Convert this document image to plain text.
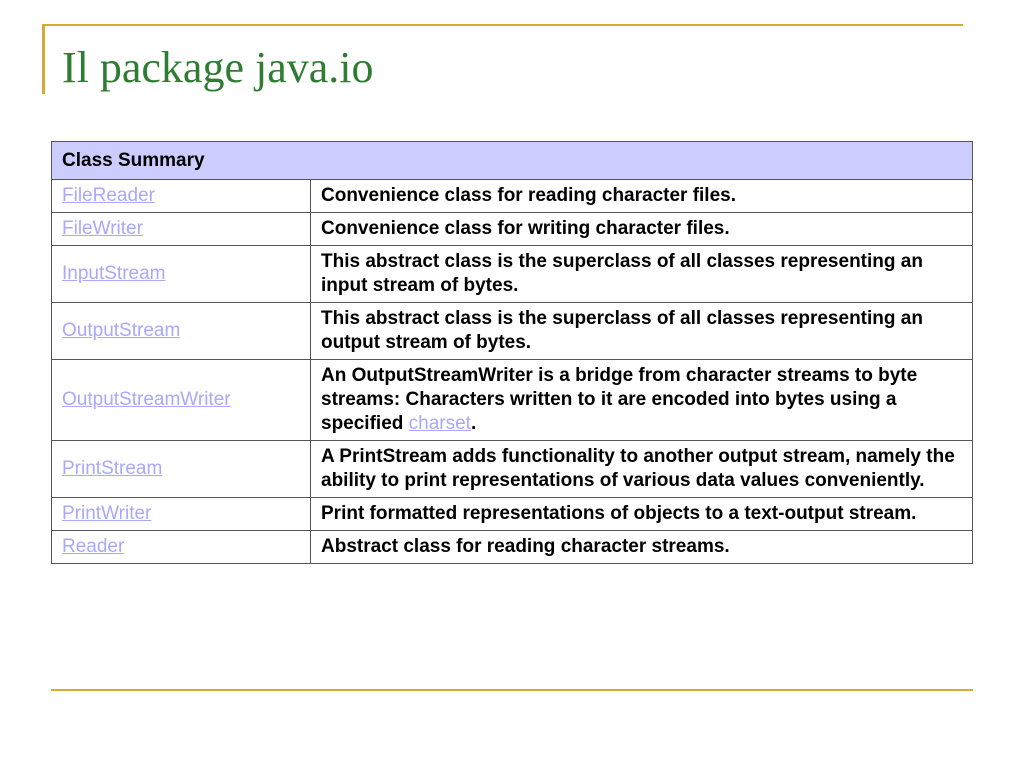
Il package java.io
Class Summary	
FileReader	Convenience class for reading character files.
FileWriter	Convenience class for writing character files.
InputStream	This abstract class is the superclass of all classes representing an input stream of bytes.
OutputStream	This abstract class is the superclass of all classes representing an output stream of bytes.
OutputStreamWriter	An OutputStreamWriter is a bridge from character streams to byte streams: Characters written to it are encoded into bytes using a specified charset.
PrintStream	A PrintStream adds functionality to another output stream, namely the ability to print representations of various data values conveniently.
PrintWriter	Print formatted representations of objects to a text-output stream.
Reader	Abstract class for reading character streams.
